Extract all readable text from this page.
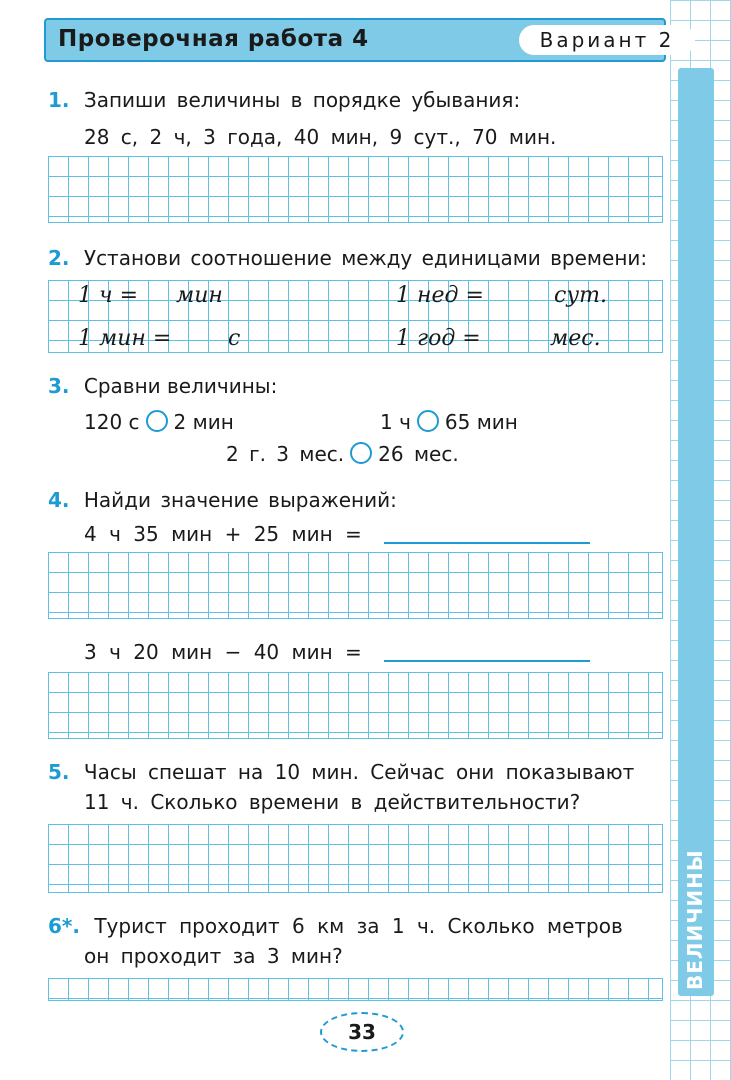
ВЕЛИЧИНЫ
Проверочная работа 4	Вариант 2
1. Запиши величины в порядке убывания:
28 с, 2 ч, 3 года, 40 мин, 9 сут., 70 мин.
2. Установи соотношение между единицами времени:
1 ч = мин	1 нед =	сут.
1 мин =	с	1 год =	мес.
3. Сравни величины:
120 с 2 мин	1 ч 65 мин
2 г. 3 мес. 26 мес.
4. Найди значение выражений:
4 ч 35 мин + 25 мин =
3 ч 20 мин − 40 мин =
5. Часы спешат на 10 мин. Сейчас они показывают
11 ч. Сколько времени в действительности?
6*. Турист проходит 6 км за 1 ч. Сколько метров
он проходит за 3 мин?
33
